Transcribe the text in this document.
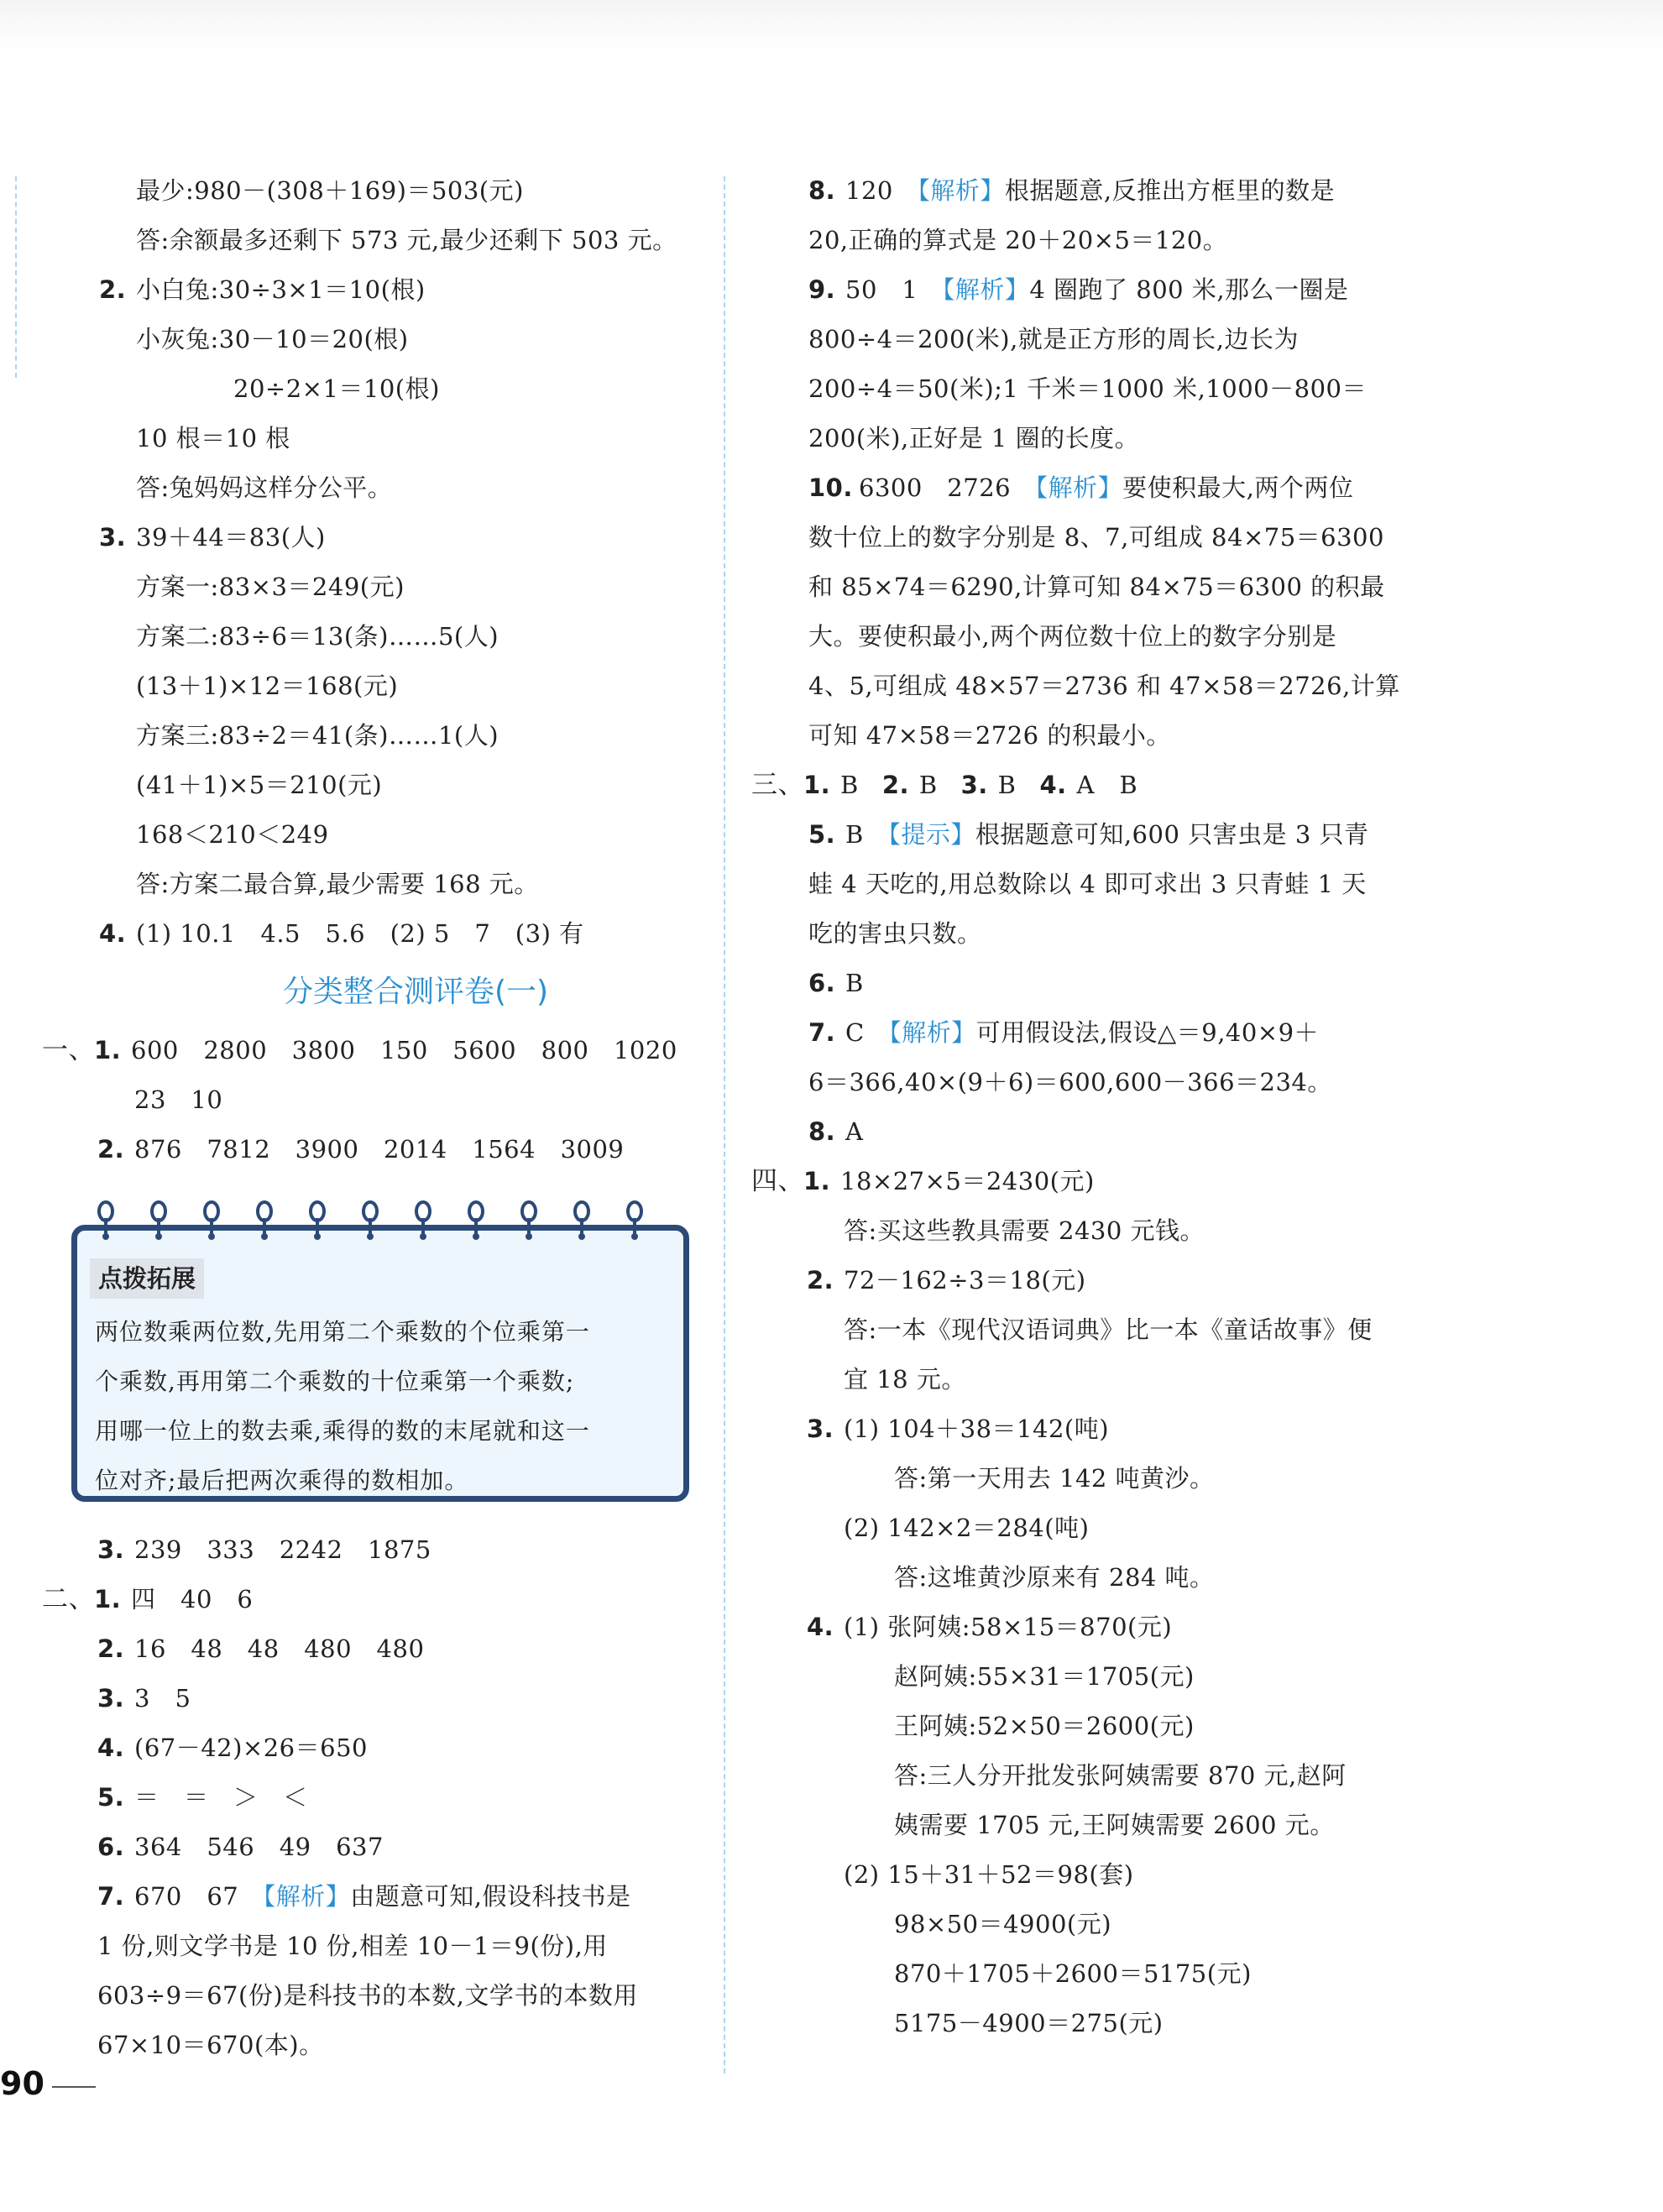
最少:980－(308＋169)＝503(元)
答:余额最多还剩下 573 元,最少还剩下 503 元。
2. 小白兔:30÷3×1＝10(根)
小灰兔:30－10＝20(根)
20÷2×1＝10(根)
10 根＝10 根
答:兔妈妈这样分公平。
3. 39＋44＝83(人)
方案一:83×3＝249(元)
方案二:83÷6＝13(条)……5(人)
(13＋1)×12＝168(元)
方案三:83÷2＝41(条)……1(人)
(41＋1)×5＝210(元)
168＜210＜249
答:方案二最合算,最少需要 168 元。
4. (1) 10.1　4.5　5.6　(2) 5　7　(3) 有
分类整合测评卷(一)
一、1. 600　2800　3800　150　5600　800　1020
23　10
2. 876　7812　3900　2014　1564　3009
点拨拓展
两位数乘两位数,先用第二个乘数的个位乘第一
个乘数,再用第二个乘数的十位乘第一个乘数;
用哪一位上的数去乘,乘得的数的末尾就和这一
位对齐;最后把两次乘得的数相加。
3. 239　333　2242　1875
二、1. 四　40　6
2. 16　48　48　480　480
3. 3　5
4. (67－42)×26＝650
5. ＝　＝　＞　＜
6. 364　546　49　637
7. 670　67　【解析】由题意可知,假设科技书是
1 份,则文学书是 10 份,相差 10－1＝9(份),用
603÷9＝67(份)是科技书的本数,文学书的本数用
67×10＝670(本)。
8. 120　【解析】根据题意,反推出方框里的数是
20,正确的算式是 20＋20×5＝120。
9. 50　1　【解析】4 圈跑了 800 米,那么一圈是
800÷4＝200(米),就是正方形的周长,边长为
200÷4＝50(米);1 千米＝1000 米,1000－800＝
200(米),正好是 1 圈的长度。
10. 6300　2726　【解析】要使积最大,两个两位
数十位上的数字分别是 8、7,可组成 84×75＝6300
和 85×74＝6290,计算可知 84×75＝6300 的积最
大。要使积最小,两个两位数十位上的数字分别是
4、5,可组成 48×57＝2736 和 47×58＝2726,计算
可知 47×58＝2726 的积最小。
三、1. B 2. B 3. B 4. A　B
5. B　【提示】根据题意可知,600 只害虫是 3 只青
蛙 4 天吃的,用总数除以 4 即可求出 3 只青蛙 1 天
吃的害虫只数。
6. B
7. C　【解析】可用假设法,假设△＝9,40×9＋
6＝366,40×(9＋6)＝600,600－366＝234。
8. A
四、1. 18×27×5＝2430(元)
答:买这些教具需要 2430 元钱。
2. 72－162÷3＝18(元)
答:一本《现代汉语词典》比一本《童话故事》便
宜 18 元。
3. (1) 104＋38＝142(吨)
答:第一天用去 142 吨黄沙。
(2) 142×2＝284(吨)
答:这堆黄沙原来有 284 吨。
4. (1) 张阿姨:58×15＝870(元)
赵阿姨:55×31＝1705(元)
王阿姨:52×50＝2600(元)
答:三人分开批发张阿姨需要 870 元,赵阿
姨需要 1705 元,王阿姨需要 2600 元。
(2) 15＋31＋52＝98(套)
98×50＝4900(元)
870＋1705＋2600＝5175(元)
5175－4900＝275(元)
90
